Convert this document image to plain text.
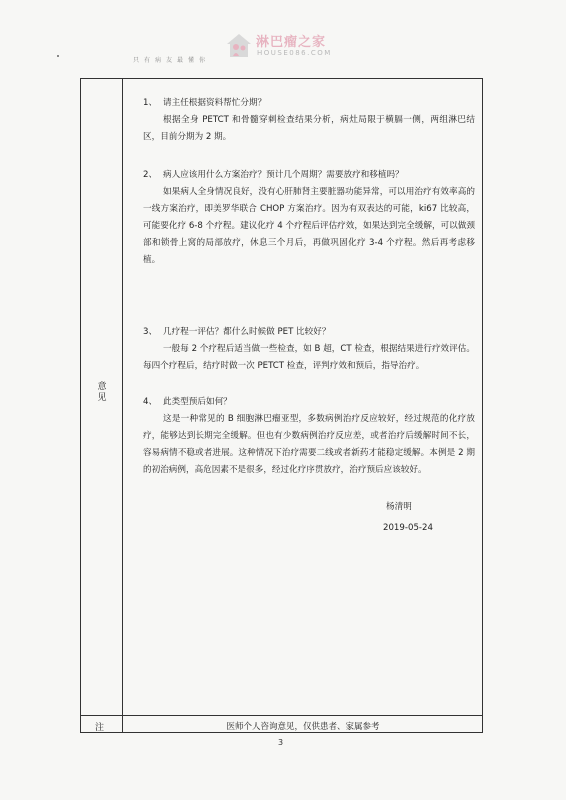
淋巴瘤之家
HOUSE086.COM
只有病友最懂你
意见
注	医师个人咨询意见，仅供患者、家属参考
1、 请主任根据资料帮忙分期？
根据全身 PETCT 和骨髓穿刺检查结果分析，病灶局限于横膈一侧，两组淋巴结区，目前分期为 2 期。
2、 病人应该用什么方案治疗？预计几个周期？需要放疗和移植吗？
如果病人全身情况良好，没有心肝肺肾主要脏器功能异常，可以用治疗有效率高的一线方案治疗，即美罗华联合 CHOP 方案治疗。因为有双表达的可能，ki67 比较高，可能要化疗 6-8 个疗程。建议化疗 4 个疗程后评估疗效，如果达到完全缓解，可以做颈部和锁骨上窝的局部放疗，休息三个月后，再做巩固化疗 3-4 个疗程。然后再考虑移植。
3、 几疗程一评估？都什么时候做 PET 比较好？
一般每 2 个疗程后适当做一些检查，如 B 超，CT 检查，根据结果进行疗效评估。每四个疗程后，结疗时做一次 PETCT 检查，评判疗效和预后，指导治疗。
4、 此类型预后如何？
这是一种常见的 B 细胞淋巴瘤亚型，多数病例治疗反应较好，经过规范的化疗放疗，能够达到长期完全缓解。但也有少数病例治疗反应差，或者治疗后缓解时间不长，容易病情不稳或者进展。这种情况下治疗需要二线或者新药才能稳定缓解。本例是 2 期的初治病例，高危因素不是很多，经过化疗序贯放疗，治疗预后应该较好。
杨清明
2019-05-24
3
